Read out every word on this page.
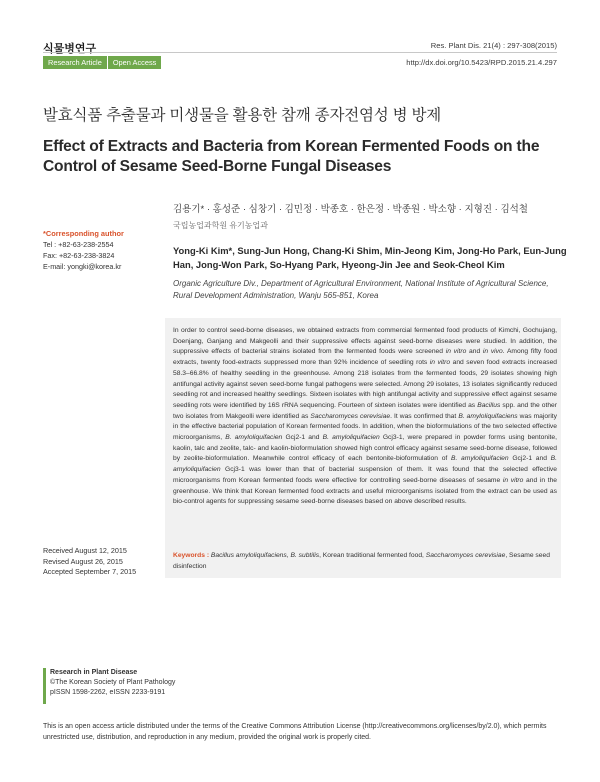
식물병연구	Res. Plant Dis. 21(4) : 297-308(2015)
Research Article	Open Access	http://dx.doi.org/10.5423/RPD.2015.21.4.297
발효식품 추출물과 미생물을 활용한 참깨 종자전염성 병 방제
Effect of Extracts and Bacteria from Korean Fermented Foods on the Control of Sesame Seed-Borne Fungal Diseases
김용기* · 홍성준 · 심창기 · 김민정 · 박종호 · 한은정 · 박종원 · 박소향 · 지형진 · 김석철
국립농업과학원 유기농업과
Yong-Ki Kim*, Sung-Jun Hong, Chang-Ki Shim, Min-Jeong Kim, Jong-Ho Park, Eun-Jung Han, Jong-Won Park, So-Hyang Park, Hyeong-Jin Jee and Seok-Cheol Kim
Organic Agriculture Div., Department of Agricultural Environment, National Institute of Agricultural Science, Rural Development Administration, Wanju 565-851, Korea
*Corresponding author
Tel : +82-63-238-2554
Fax: +82-63-238-3824
E-mail: yongki@korea.kr
In order to control seed-borne diseases, we obtained extracts from commercial fermented food products of Kimchi, Gochujang, Doenjang, Ganjang and Makgeolli and their suppressive effects against seed-borne diseases were studied. In addition, the suppressive effects of bacterial strains isolated from the fermented foods were screened in vitro and in vivo. Among fifty food extracts, twenty food-extracts suppressed more than 92% incidence of seedling rots in vitro and seven food extracts increased 58.3–66.8% of healthy seedling in the greenhouse. Among 218 isolates from the fermented foods, 29 isolates showing high antifungal activity against seven seed-borne fungal pathogens were selected. Among 29 isolates, 13 isolates significantly reduced seedling rot and increased healthy seedlings. Sixteen isolates with high antifungal activity and suppressive effect against sesame seedling rots were identified by 16S rRNA sequencing. Fourteen of sixteen isolates were identified as Bacillus spp. and the other two isolates from Makgeolli were identified as Saccharomyces cerevisiae. It was confirmed that B. amyloliquifaciens was majority in the effective bacterial population of Korean fermented foods. In addition, when the bioformulations of the two selected effective microorganisms, B. amyloliquifacien Gcj2-1 and B. amyloliquifacien Gcj3-1, were prepared in powder forms using bentonite, kaolin, talc and zeolite, talc- and kaolin-bioformulation showed high control efficacy against sesame seed-borne disease, followed by zeolite-bioformulation. Meanwhile control efficacy of each bentonite-bioformulation of B. amyloliquifacien Gcj2-1 and B. amyloliquifacien Gcj3-1 was lower than that of bacterial suspension of them. It was found that the selected effective microorganisms from Korean fermented foods were effective for controlling seed-borne diseases of sesame in vitro and in the greenhouse. We think that Korean fermented food extracts and useful microorganisms isolated from the extract can be used as bio-control agents for suppressing sesame seed-borne diseases based on above described results.
Keywords : Bacillus amyloliquifaciens, B. subtilis, Korean traditional fermented food, Saccharomyces cerevisiae, Sesame seed disinfection
Received August 12, 2015
Revised August 26, 2015
Accepted September 7, 2015
Research in Plant Disease
©The Korean Society of Plant Pathology
pISSN 1598-2262, eISSN 2233-9191
This is an open access article distributed under the terms of the Creative Commons Attribution License (http://creativecommons.org/licenses/by/2.0), which permits unrestricted use, distribution, and reproduction in any medium, provided the original work is properly cited.
